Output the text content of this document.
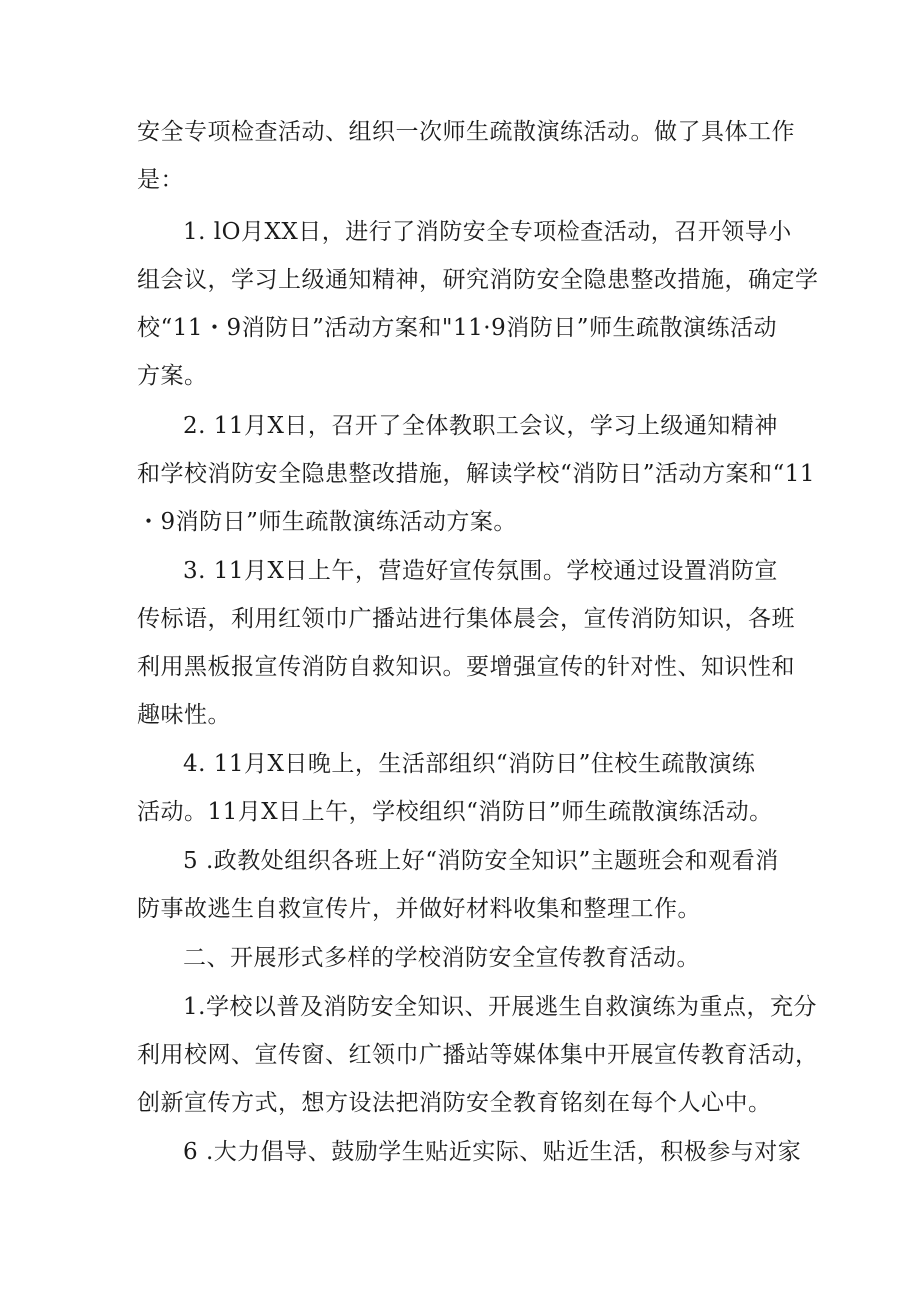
安全专项检查活动、组织一次师生疏散演练活动。做了具体工作
是：
1. lO月XX日，进行了消防安全专项检查活动，召开领导小
组会议，学习上级通知精神，研究消防安全隐患整改措施，确定学
校“11・9消防日”活动方案和"11·9消防日”师生疏散演练活动
方案。
2. 11月X日，召开了全体教职工会议，学习上级通知精神
和学校消防安全隐患整改措施，解读学校“消防日”活动方案和“11
・9消防日”师生疏散演练活动方案。
3. 11月X日上午，营造好宣传氛围。学校通过设置消防宣
传标语，利用红领巾广播站进行集体晨会，宣传消防知识，各班
利用黑板报宣传消防自救知识。要增强宣传的针对性、知识性和
趣味性。
4. 11月X日晚上，生活部组织“消防日”住校生疏散演练
活动。11月X日上午，学校组织“消防日”师生疏散演练活动。
5 .政教处组织各班上好“消防安全知识”主题班会和观看消
防事故逃生自救宣传片，并做好材料收集和整理工作。
二、开展形式多样的学校消防安全宣传教育活动。
1.学校以普及消防安全知识、开展逃生自救演练为重点，充分
利用校网、宣传窗、红领巾广播站等媒体集中开展宣传教育活动，
创新宣传方式，想方设法把消防安全教育铭刻在每个人心中。
6 .大力倡导、鼓励学生贴近实际、贴近生活，积极参与对家
